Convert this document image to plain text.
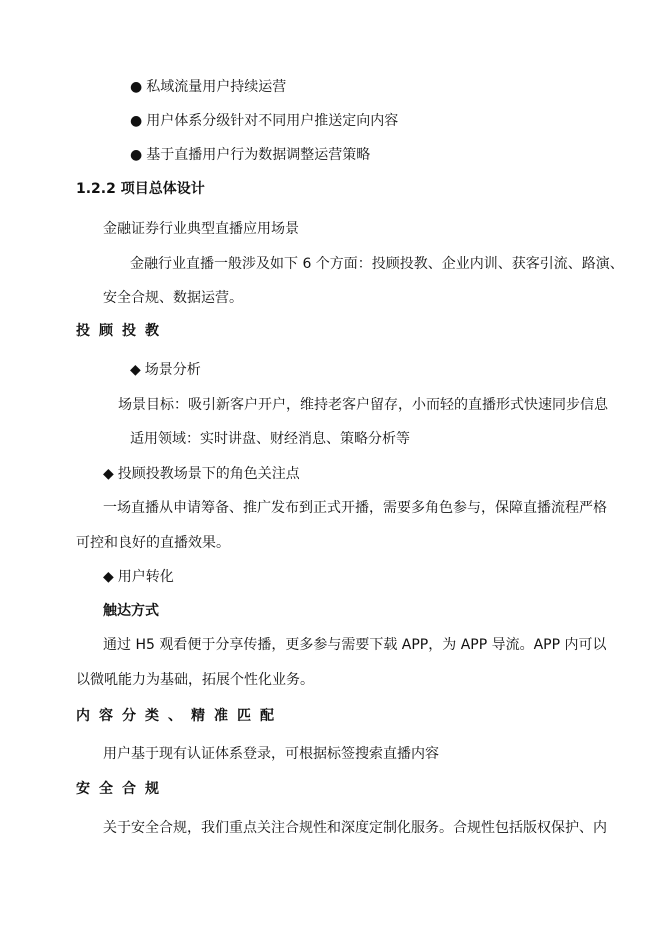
● 私域流量用户持续运营
● 用户体系分级针对不同用户推送定向内容
● 基于直播用户行为数据调整运营策略
1.2.2 项目总体设计
金融证券行业典型直播应用场景
金融行业直播一般涉及如下 6 个方面：投顾投教、企业内训、获客引流、路演、
安全合规、数据运营。
投顾投教
◆ 场景分析
场景目标：吸引新客户开户，维持老客户留存，小而轻的直播形式快速同步信息
适用领域：实时讲盘、财经消息、策略分析等
◆ 投顾投教场景下的角色关注点
一场直播从申请筹备、推广发布到正式开播，需要多角色参与，保障直播流程严格
可控和良好的直播效果。
◆ 用户转化
触达方式
通过 H5 观看便于分享传播，更多参与需要下载 APP，为 APP 导流。APP 内可以
以微吼能力为基础，拓展个性化业务。
内容分类、精准匹配
用户基于现有认证体系登录，可根据标签搜索直播内容
安全合规
关于安全合规，我们重点关注合规性和深度定制化服务。合规性包括版权保护、内
